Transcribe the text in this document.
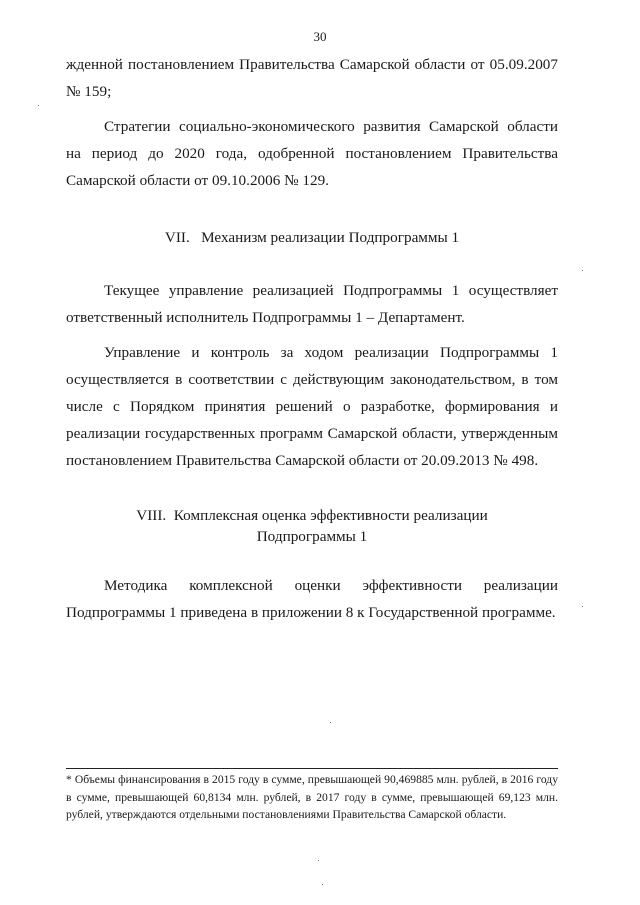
30

жденной постановлением Правительства Самарской области от 05.09.2007 № 159;

Стратегии социально-экономического развития Самарской области на период до 2020 года, одобренной постановлением Правительства Самарской области от 09.10.2006 № 129.

VII.   Механизм реализации Подпрограммы 1

Текущее управление реализацией Подпрограммы 1 осуществляет ответственный исполнитель Подпрограммы 1 – Департамент.

Управление и контроль за ходом реализации Подпрограммы 1 осуществляется в соответствии с действующим законодательством, в том числе с Порядком принятия решений о разработке, формирования и реализации государственных программ Самарской области, утвержденным постановлением Правительства Самарской области от 20.09.2013 № 498.

VIII.  Комплексная оценка эффективности реализации
Подпрограммы 1

Методика комплексной оценки эффективности реализации Подпрограммы 1 приведена в приложении 8 к Государственной программе.

* Объемы финансирования в 2015 году в сумме, превышающей 90,469885 млн. рублей, в 2016 году в сумме, превышающей 60,8134 млн. рублей, в 2017 году в сумме, превышающей 69,123 млн. рублей, утверждаются отдельными постановлениями Правительства Самарской области.
